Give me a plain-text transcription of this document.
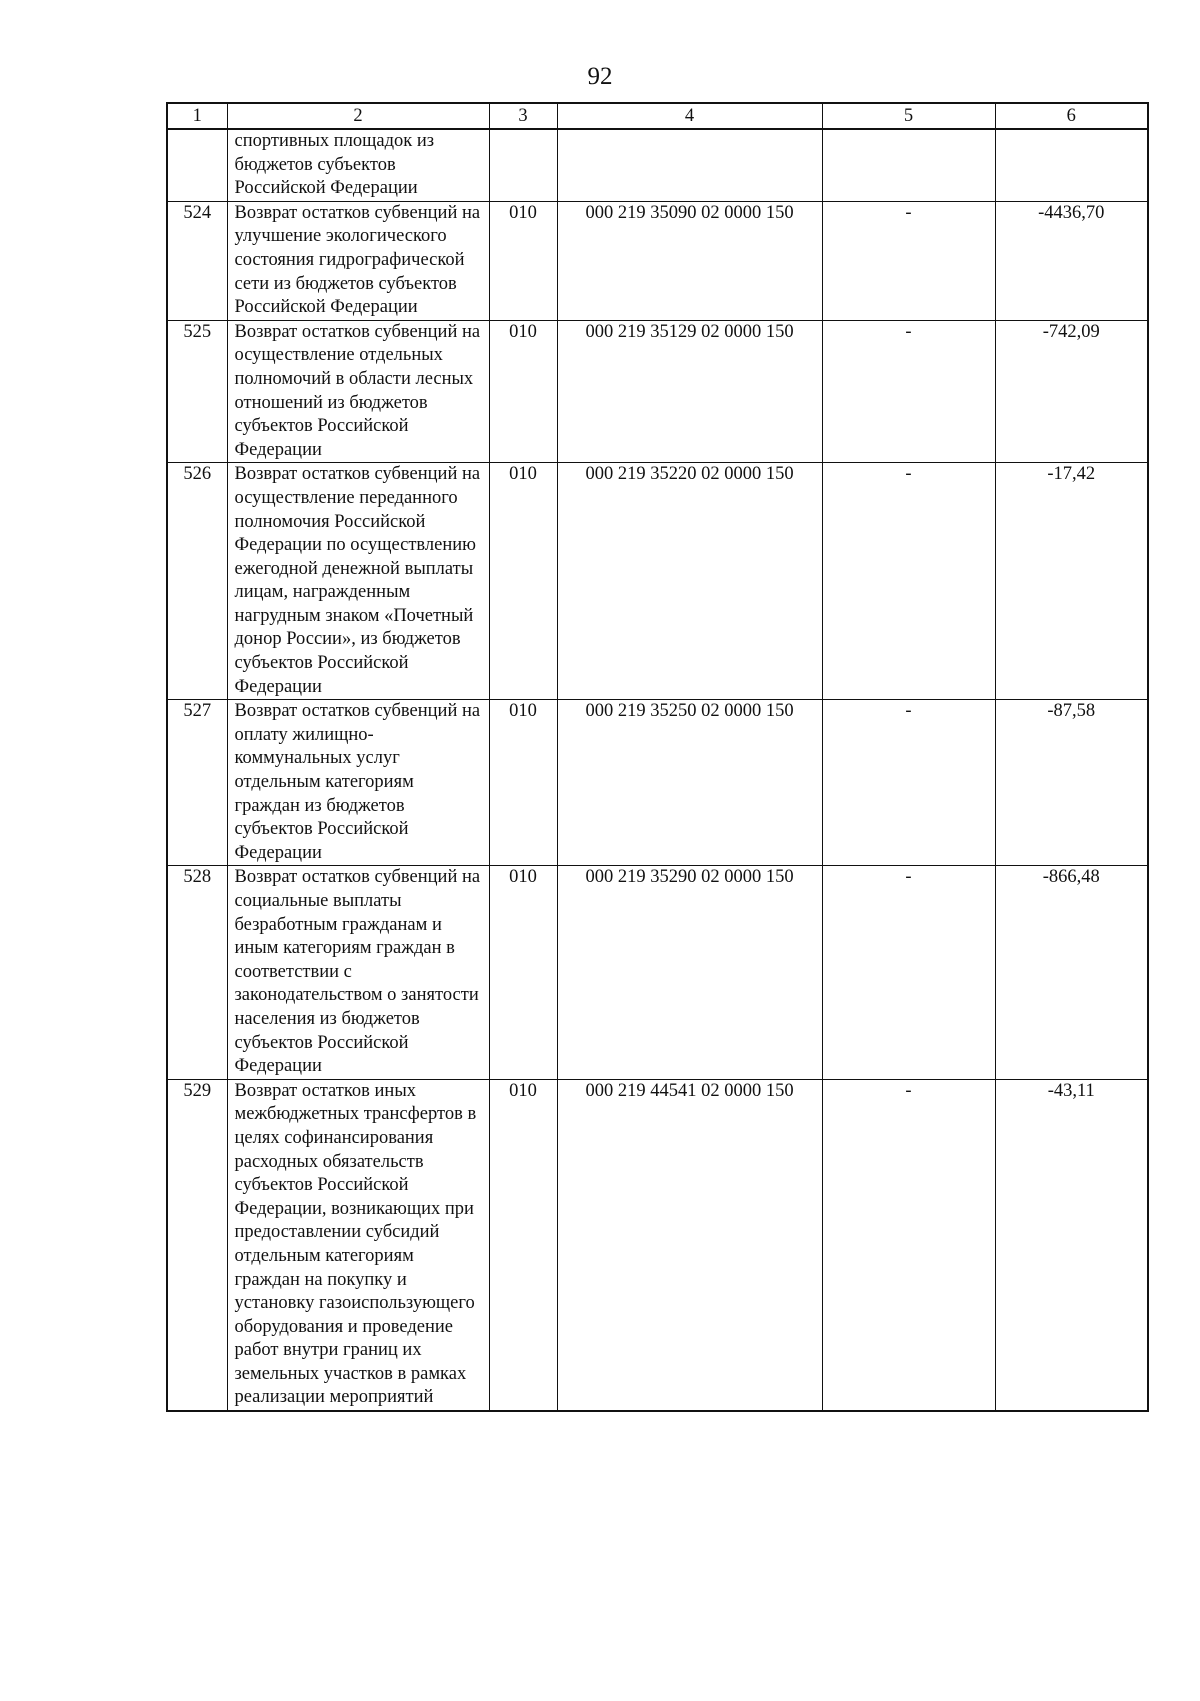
92
1	2	3	4	5	6
	спортивных площадок из бюджетов субъектов Российской Федерации				
524	Возврат остатков субвенций на улучшение экологического состояния гидрографической сети из бюджетов субъектов Российской Федерации	010	000 219 35090 02 0000 150	-	-4436,70
525	Возврат остатков субвенций на осуществление отдельных полномочий в области лесных отношений из бюджетов субъектов Российской Федерации	010	000 219 35129 02 0000 150	-	-742,09
526	Возврат остатков субвенций на осуществление переданного полномочия Российской Федерации по осуществлению ежегодной денежной выплаты лицам, награжденным нагрудным знаком «Почетный донор России», из бюджетов субъектов Российской Федерации	010	000 219 35220 02 0000 150	-	-17,42
527	Возврат остатков субвенций на оплату жилищно-коммунальных услуг отдельным категориям граждан из бюджетов субъектов Российской Федерации	010	000 219 35250 02 0000 150	-	-87,58
528	Возврат остатков субвенций на социальные выплаты безработным гражданам и иным категориям граждан в соответствии с законодательством о занятости населения из бюджетов субъектов Российской Федерации	010	000 219 35290 02 0000 150	-	-866,48
529	Возврат остатков иных межбюджетных трансфертов в целях софинансирования расходных обязательств субъектов Российской Федерации, возникающих при предоставлении субсидий отдельным категориям граждан на покупку и установку газоиспользующего оборудования и проведение работ внутри границ их земельных участков в рамках реализации мероприятий	010	000 219 44541 02 0000 150	-	-43,11
